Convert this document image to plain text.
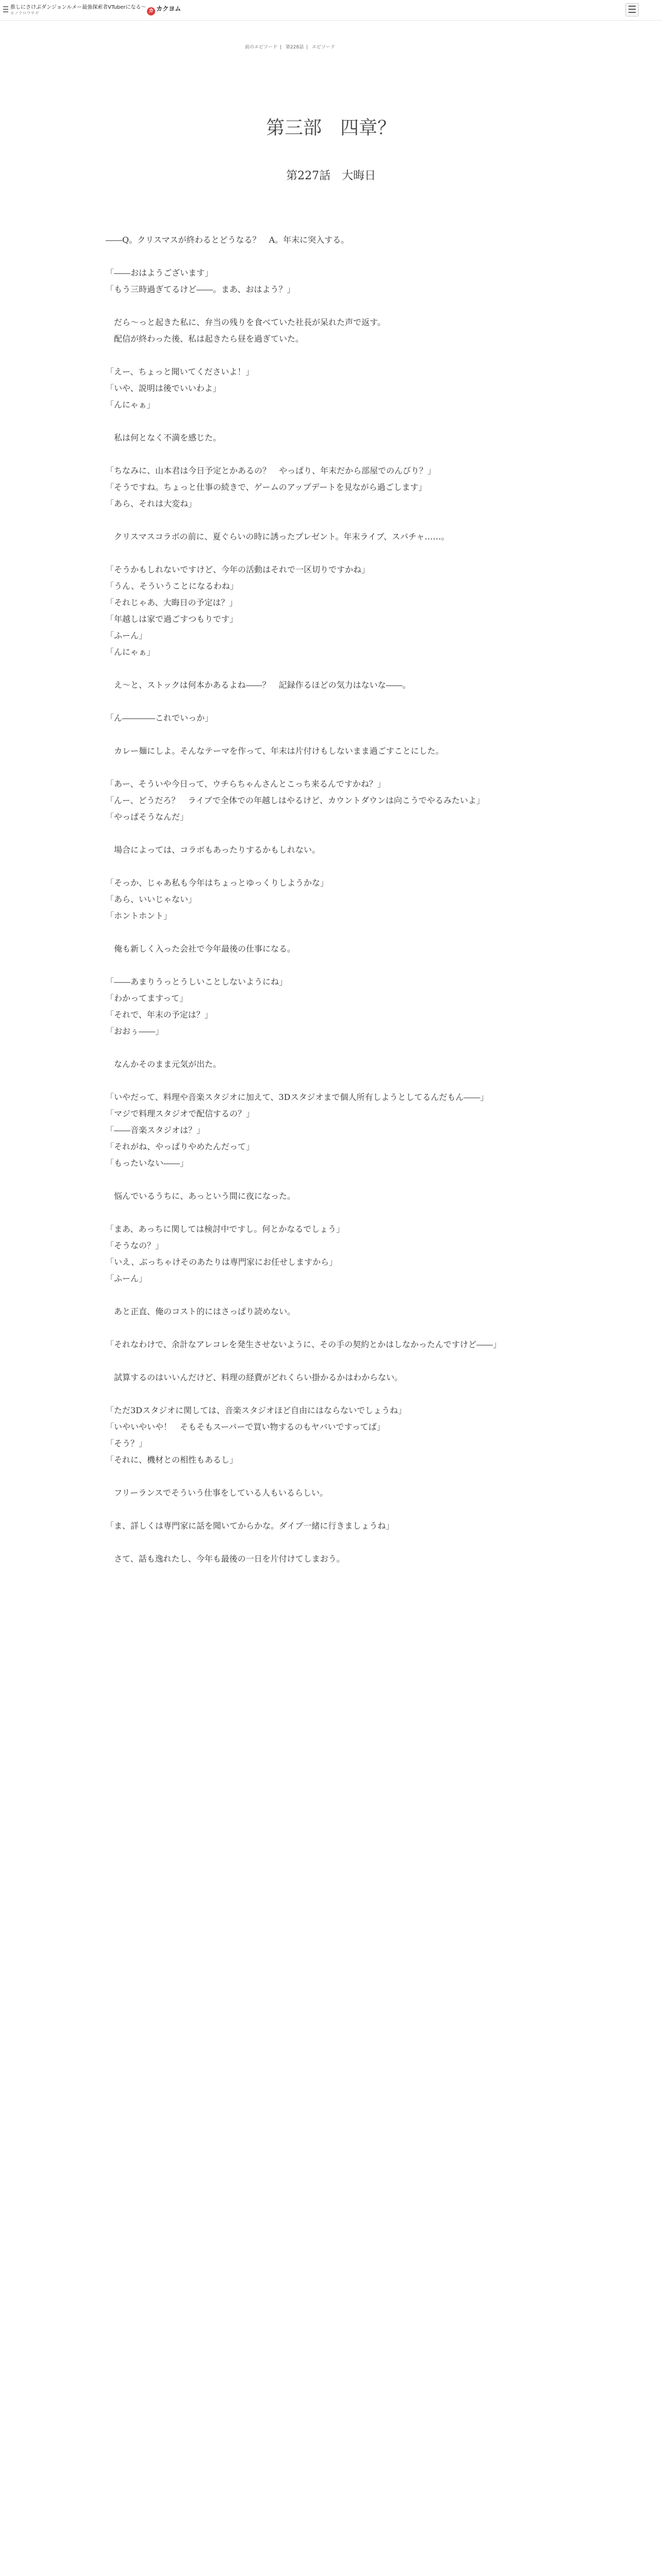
推しにさけぶダンジョンルメー最強探索者VTuberになる～
モノクロウサギ	カ カクヨム
前のエピソード | 第228話 | エピソード
第三部　四章？
第227話　大晦日

――Q。クリスマスが終わるとどうなる？　A。年末に突入する。

「――おはようございます」

「もう三時過ぎてるけど――。まあ、おはよう？」

　だら～っと起きた私に、弁当の残りを食べていた社長が呆れた声で返す。

　配信が終わった後、私は起きたら昼を過ぎていた。

「えー、ちょっと聞いてくださいよ！」

「いや、説明は後でいいわよ」

「んにゃぁ」

　私は何となく不満を感じた。

「ちなみに、山本君は今日予定とかあるの？　やっぱり、年末だから部屋でのんびり？」

「そうですね。ちょっと仕事の続きで、ゲームのアップデートを見ながら過ごします」

「あら、それは大変ね」

　クリスマスコラボの前に、夏ぐらいの時に誘ったプレゼント。年末ライブ、スパチャ……。

「そうかもしれないですけど、今年の活動はそれで一区切りですかね」

「うん、そういうことになるわね」

「それじゃあ、大晦日の予定は？」

「年越しは家で過ごすつもりです」

「ふーん」

「んにゃぁ」

　え～と、ストックは何本かあるよね――？　記録作るほどの気力はないな――。

「ん――――これでいっか」

　カレー麺にしよ。そんなテーマを作って、年末は片付けもしないまま過ごすことにした。

「あー、そういや今日って、ウチらちゃんさんとこっち来るんですかね？」

「んー、どうだろ？　ライブで全体での年越しはやるけど、カウントダウンは向こうでやるみたいよ」

「やっぱそうなんだ」

　場合によっては、コラボもあったりするかもしれない。

「そっか、じゃあ私も今年はちょっとゆっくりしようかな」

「あら、いいじゃない」

「ホントホント」

　俺も新しく入った会社で今年最後の仕事になる。

「――あまりうっとうしいことしないようにね」

「わかってますって」

「それで、年末の予定は？」

「おおぅ――」

　なんかそのまま元気が出た。

「いやだって、料理や音楽スタジオに加えて、3Dスタジオまで個人所有しようとしてるんだもん――」

「マジで料理スタジオで配信するの？」

「――音楽スタジオは？」

「それがね、やっぱりやめたんだって」

「もったいない――」

　悩んでいるうちに、あっという間に夜になった。

「まあ、あっちに関しては検討中ですし。何とかなるでしょう」

「そうなの？」

「いえ、ぶっちゃけそのあたりは専門家にお任せしますから」

「ふーん」

　あと正直、俺のコスト的にはさっぱり読めない。

「それなわけで、余計なアレコレを発生させないように、その手の契約とかはしなかったんですけど――」

　試算するのはいいんだけど、料理の経費がどれくらい掛かるかはわからない。

「ただ3Dスタジオに関しては、音楽スタジオほど自由にはならないでしょうね」

「いやいやいや！　そもそもスーパーで買い物するのもヤバいですってば」

「そう？」

「それに、機材との相性もあるし」

　フリーランスでそういう仕事をしている人もいるらしい。

「ま、詳しくは専門家に話を聞いてからかな。ダイブ一緒に行きましょうね」

　さて、話も逸れたし、今年も最後の一日を片付けてしまおう。
